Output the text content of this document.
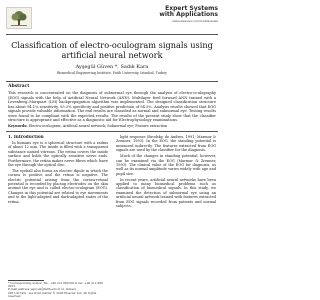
Expert Systems
with Applications
www.elsevier.com/locate/eswa
Classification of electro-oculogram signals using artificial neural network
Ayşegül Güven *, Sadık Kara
Biomedical Engineering Institute, Fatih University, Istanbul, Turkey
Abstract
This research is concentrated on the diagnosis of subnormal eye through the analysis of electro-oculography (EOG) signals with the help of Artificial Neural Network (ANN). Multilayer feed forward ANN trained with a Levenberg–Marquart (LM) backpropagation algorithm was implemented. The designed classification structure has about 94.1% sensitivity, 93.3% specificity and positive prediction of 94.5%. Analysis results showed that EOG signals provide valuable information. The end results are classified as normal and subnormal eye. Testing results were found to be compliant with the expected results. The results of the present study show that the classifier structure is appropriate and effective as a diagnostic aid for Electrophysiology examinations.
Keywords: Electro-oculogram; Artificial neural network; Subnormal eye; Feature extraction
1. Introduction

In humans eye is a spherical structure with a radius of about 12 mm. The inside is filled with a transparent substance named vitreous. The retina covers the inside surface and holds the optically sensitive nerve ends. Furthermore, the retina makes nerve fibres which leave the eye through the optical disc.

The eyeball also forms an electric dipole in which the cornea is positive and the retina is negative. The electric potential arising from the cornea-retinal potential is recorded by placing electrodes on the skin around the eye and is called electro-oculogram (EOG). Changes in this potential are related to eye movements and to the light-adapted and dark-adapted states of the retina.

light response (Brodsky, de Andres, 1991; Marmor & Zrenner, 1993). In the EOG, the standing potential is measured indirectly. The features extracted from EOG signals are used by the classifier for the diagnosis.

Much of the changes in standing potential, however, can be examined via the EOG (Marmor & Zrenner, 1993). The clinical value of the EOG for diagnosis, as well as its normal amplitude varies widely with age and pupil size.

In recent years, artificial neural networks have been applied to many biomedical problems such as classification of biomedical signals. In this study, we examined the detection of subnormal eye using an artificial neural network trained with features extracted from EOG signals recorded from patients and normal subjects.

* Corresponding author. Tel.: +90 212 889 0810; fax: +90 212 889 0912.
E-mail address: aguven@fatih.edu.tr (A. Güven).
0957-4174/$ - see front matter © 2005 Elsevier Ltd. All rights reserved.
